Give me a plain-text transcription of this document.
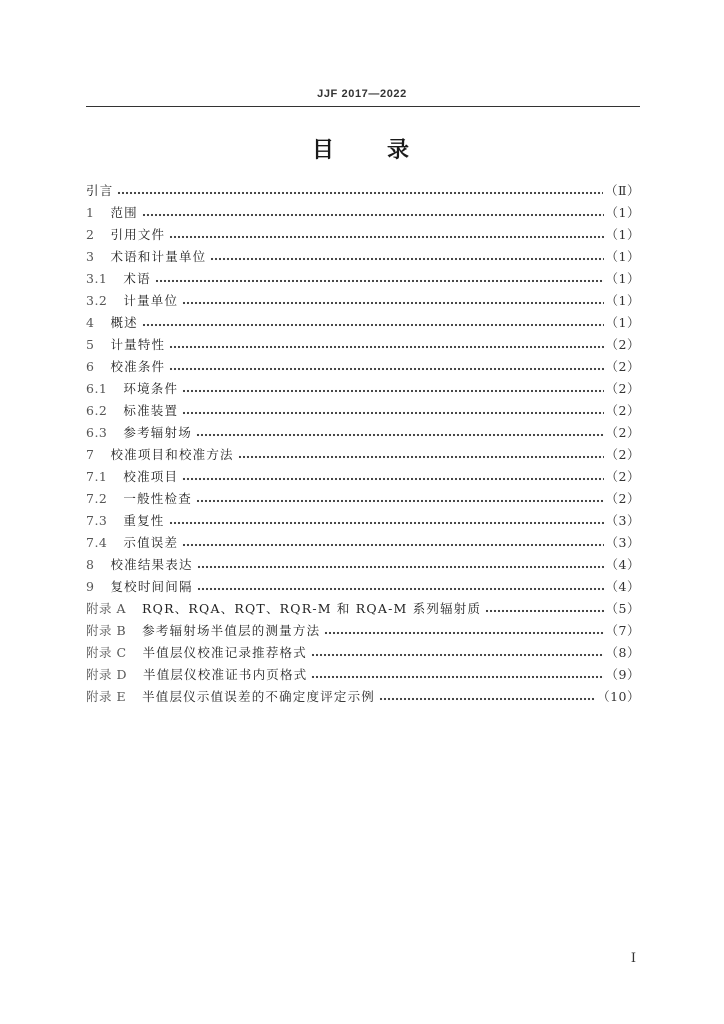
JJF 2017—2022
目　　录
引言	（Ⅱ）
1 范围	（1）
2 引用文件	（1）
3 术语和计量单位	（1）
3.1 术语	（1）
3.2 计量单位	（1）
4 概述	（1）
5 计量特性	（2）
6 校准条件	（2）
6.1 环境条件	（2）
6.2 标准装置	（2）
6.3 参考辐射场	（2）
7 校准项目和校准方法	（2）
7.1 校准项目	（2）
7.2 一般性检查	（2）
7.3 重复性	（3）
7.4 示值误差	（3）
8 校准结果表达	（4）
9 复校时间间隔	（4）
附录 A RQR、RQA、RQT、RQR-M 和 RQA-M 系列辐射质	（5）
附录 B 参考辐射场半值层的测量方法	（7）
附录 C 半值层仪校准记录推荐格式	（8）
附录 D 半值层仪校准证书内页格式	（9）
附录 E 半值层仪示值误差的不确定度评定示例	（10）
Ⅰ
